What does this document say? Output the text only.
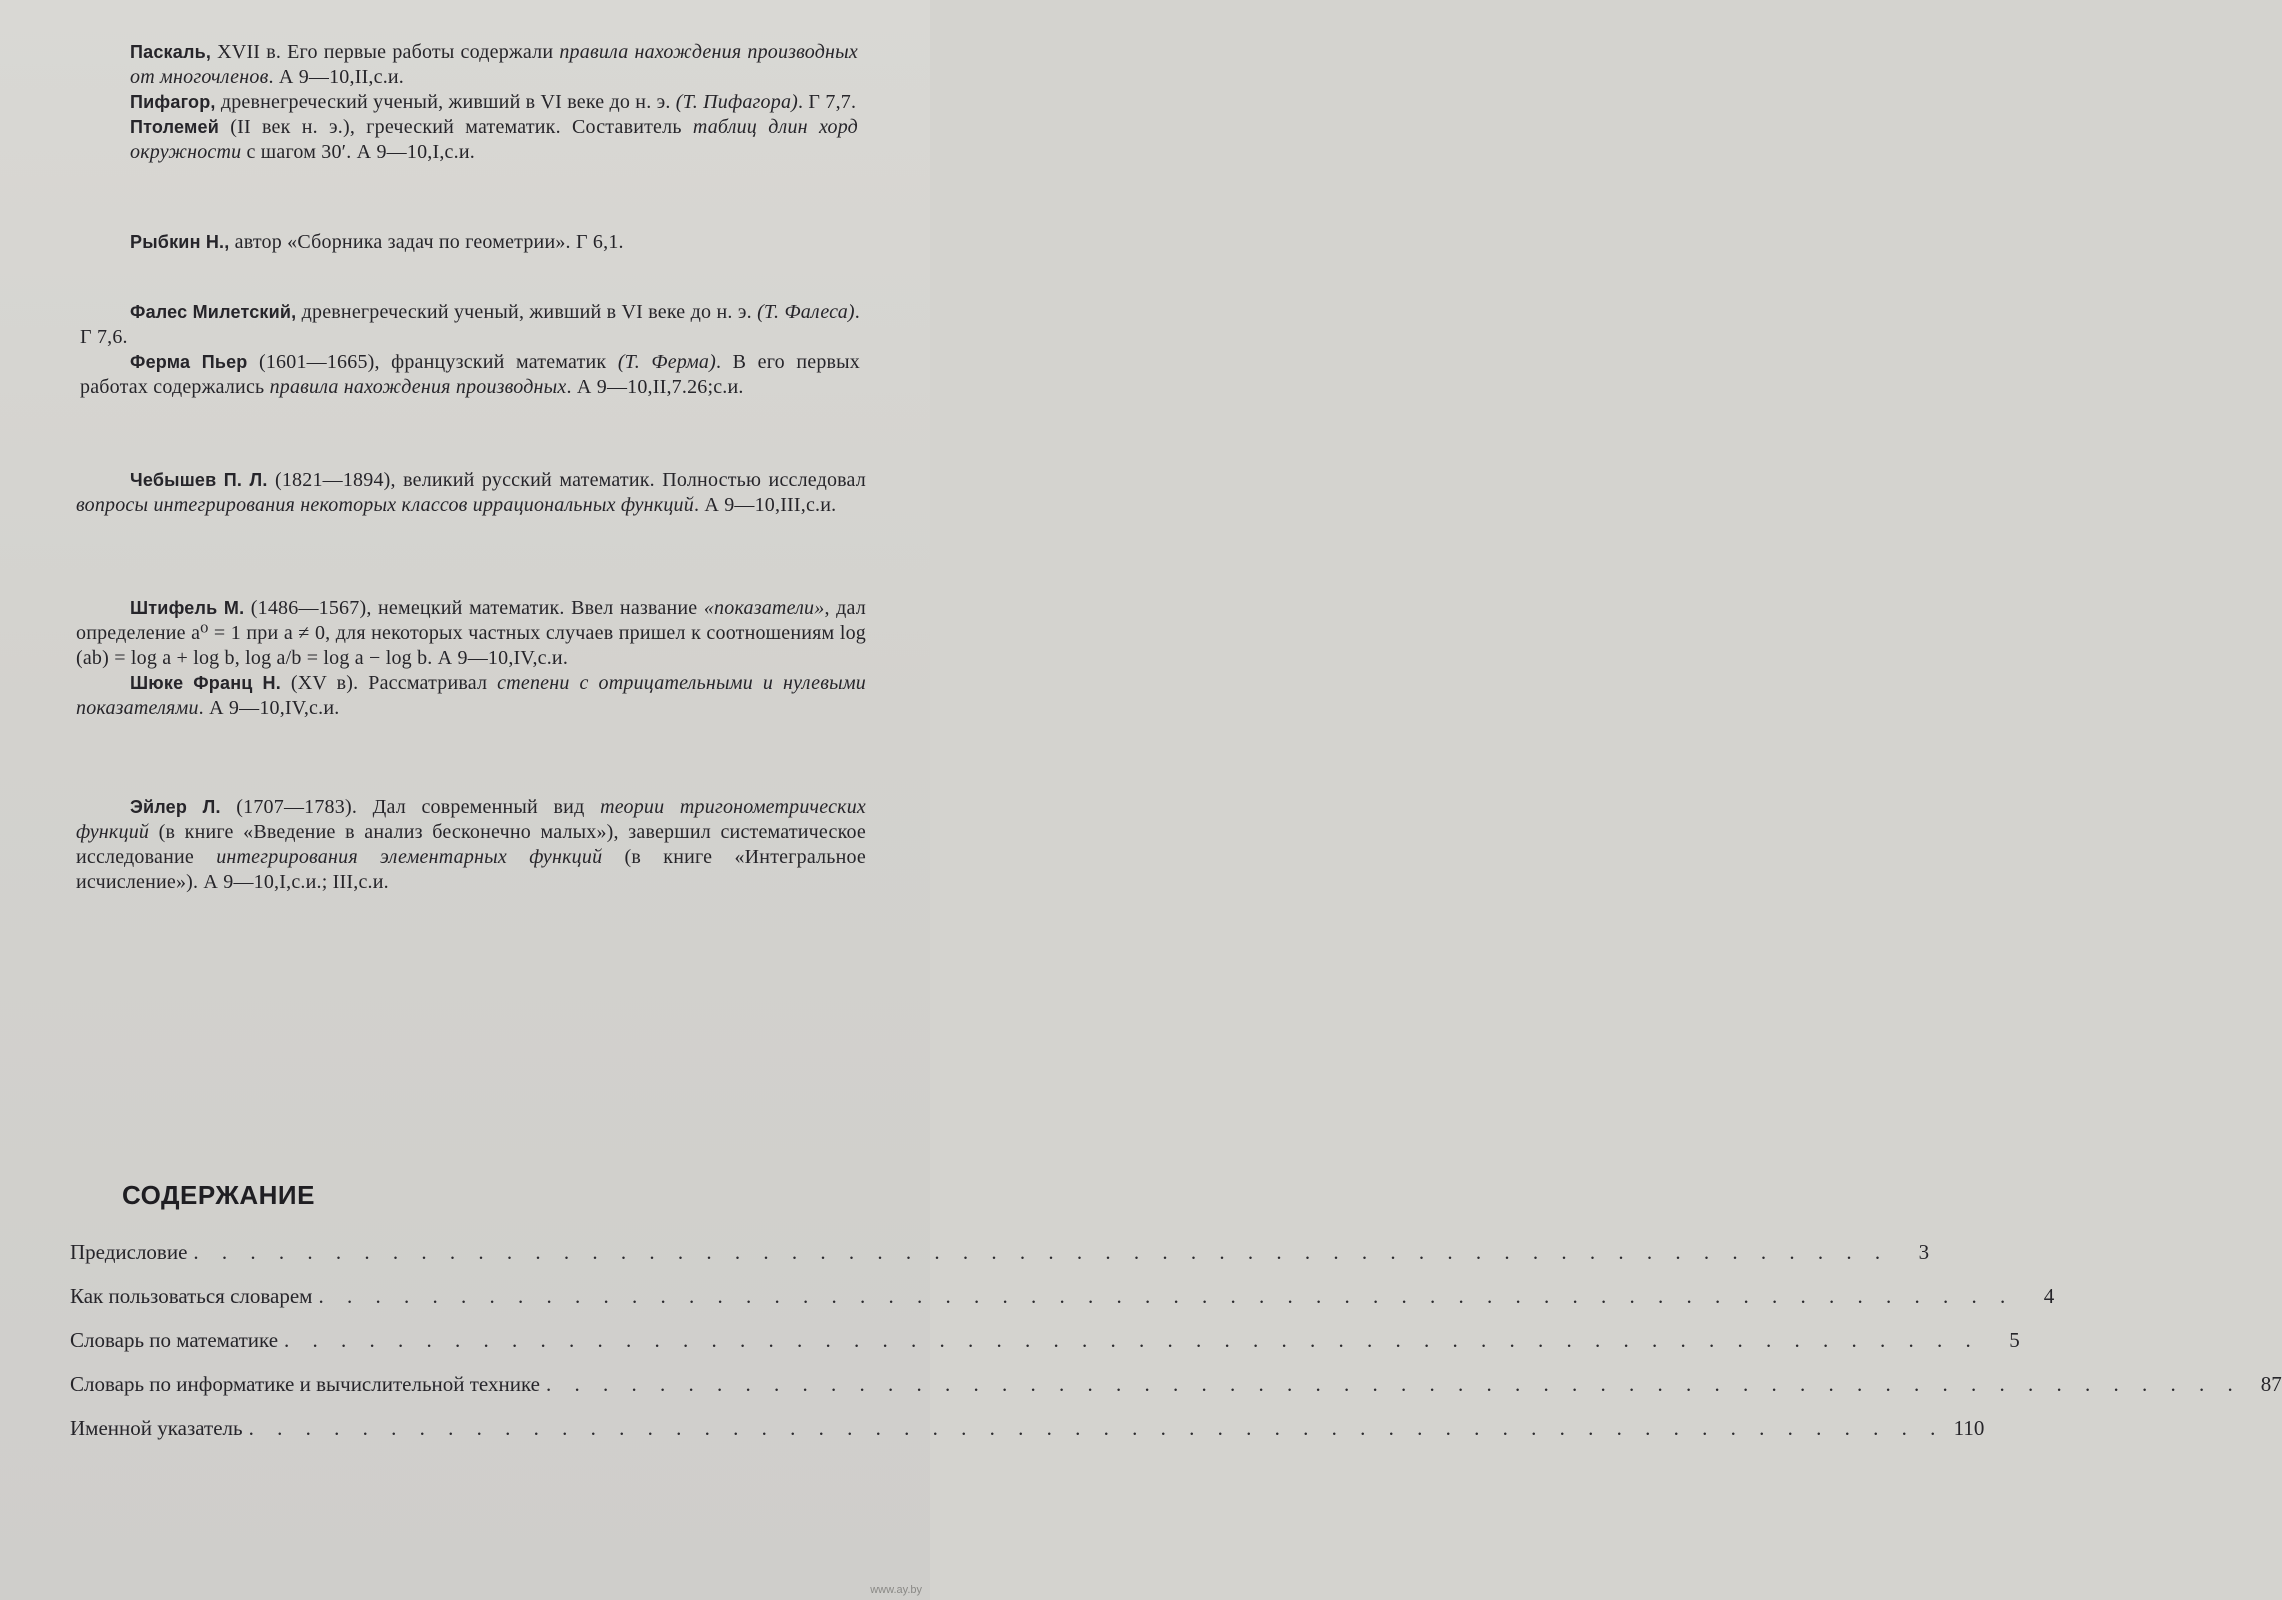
Паскаль, XVII в. Его первые работы содержали правила нахождения производных от многочленов. А 9—10,II,с.и.

Пифагор, древнегреческий ученый, живший в VI веке до н. э. (Т. Пифагора). Г 7,7.

Птолемей (II век н. э.), греческий математик. Составитель таблиц длин хорд окружности с шагом 30′. А 9—10,I,с.и.

Рыбкин Н., автор «Сборника задач по геометрии». Г 6,1.

Фалес Милетский, древнегреческий ученый, живший в VI веке до н. э. (Т. Фалеса). Г 7,6.

Ферма Пьер (1601—1665), французский математик (Т. Ферма). В его первых работах содержались правила нахождения производных. А 9—10,II,7.26;с.и.

Чебышев П. Л. (1821—1894), великий русский математик. Полностью исследовал вопросы интегрирования некоторых классов иррациональных функций. А 9—10,III,с.и.

Штифель М. (1486—1567), немецкий математик. Ввел название «показатели», дал определение a⁰ = 1 при a ≠ 0, для некоторых частных случаев пришел к соотношениям log (ab) = log a + log b, log a/b = log a − log b. А 9—10,IV,с.и.

Шюке Франц Н. (XV в). Рассматривал степени с отрицательными и нулевыми показателями. А 9—10,IV,с.и.

Эйлер Л. (1707—1783). Дал современный вид теории тригонометрических функций (в книге «Введение в анализ бесконечно малых»), завершил систематическое исследование интегрирования элементарных функций (в книге «Интегральное исчисление»). А 9—10,I,с.и.; III,с.и.

СОДЕРЖАНИЕ
Предисловие . . . . . . . . . . . . . . . . . . . . . . . . . . . . . . . . . . . . . . . . . . . . . . . . . . . . . . . . . . . .	3
Как пользоваться словарем . . . . . . . . . . . . . . . . . . . . . . . . . . . . . . . . . . . . . . . . . . . . . . . . . . . . . . . . . . . .	4
Словарь по математике . . . . . . . . . . . . . . . . . . . . . . . . . . . . . . . . . . . . . . . . . . . . . . . . . . . . . . . . . . . .	5
Словарь по информатике и вычислительной технике . . . . . . . . . . . . . . . . . . . . . . . . . . . . . . . . . . . . . . . . . . . . . . . . . . . . . . . . . . . . 87
Именной указатель . . . . . . . . . . . . . . . . . . . . . . . . . . . . . . . . . . . . . . . . . . . . . . . . . . . . . . . . . . . . 110
www.ay.by
